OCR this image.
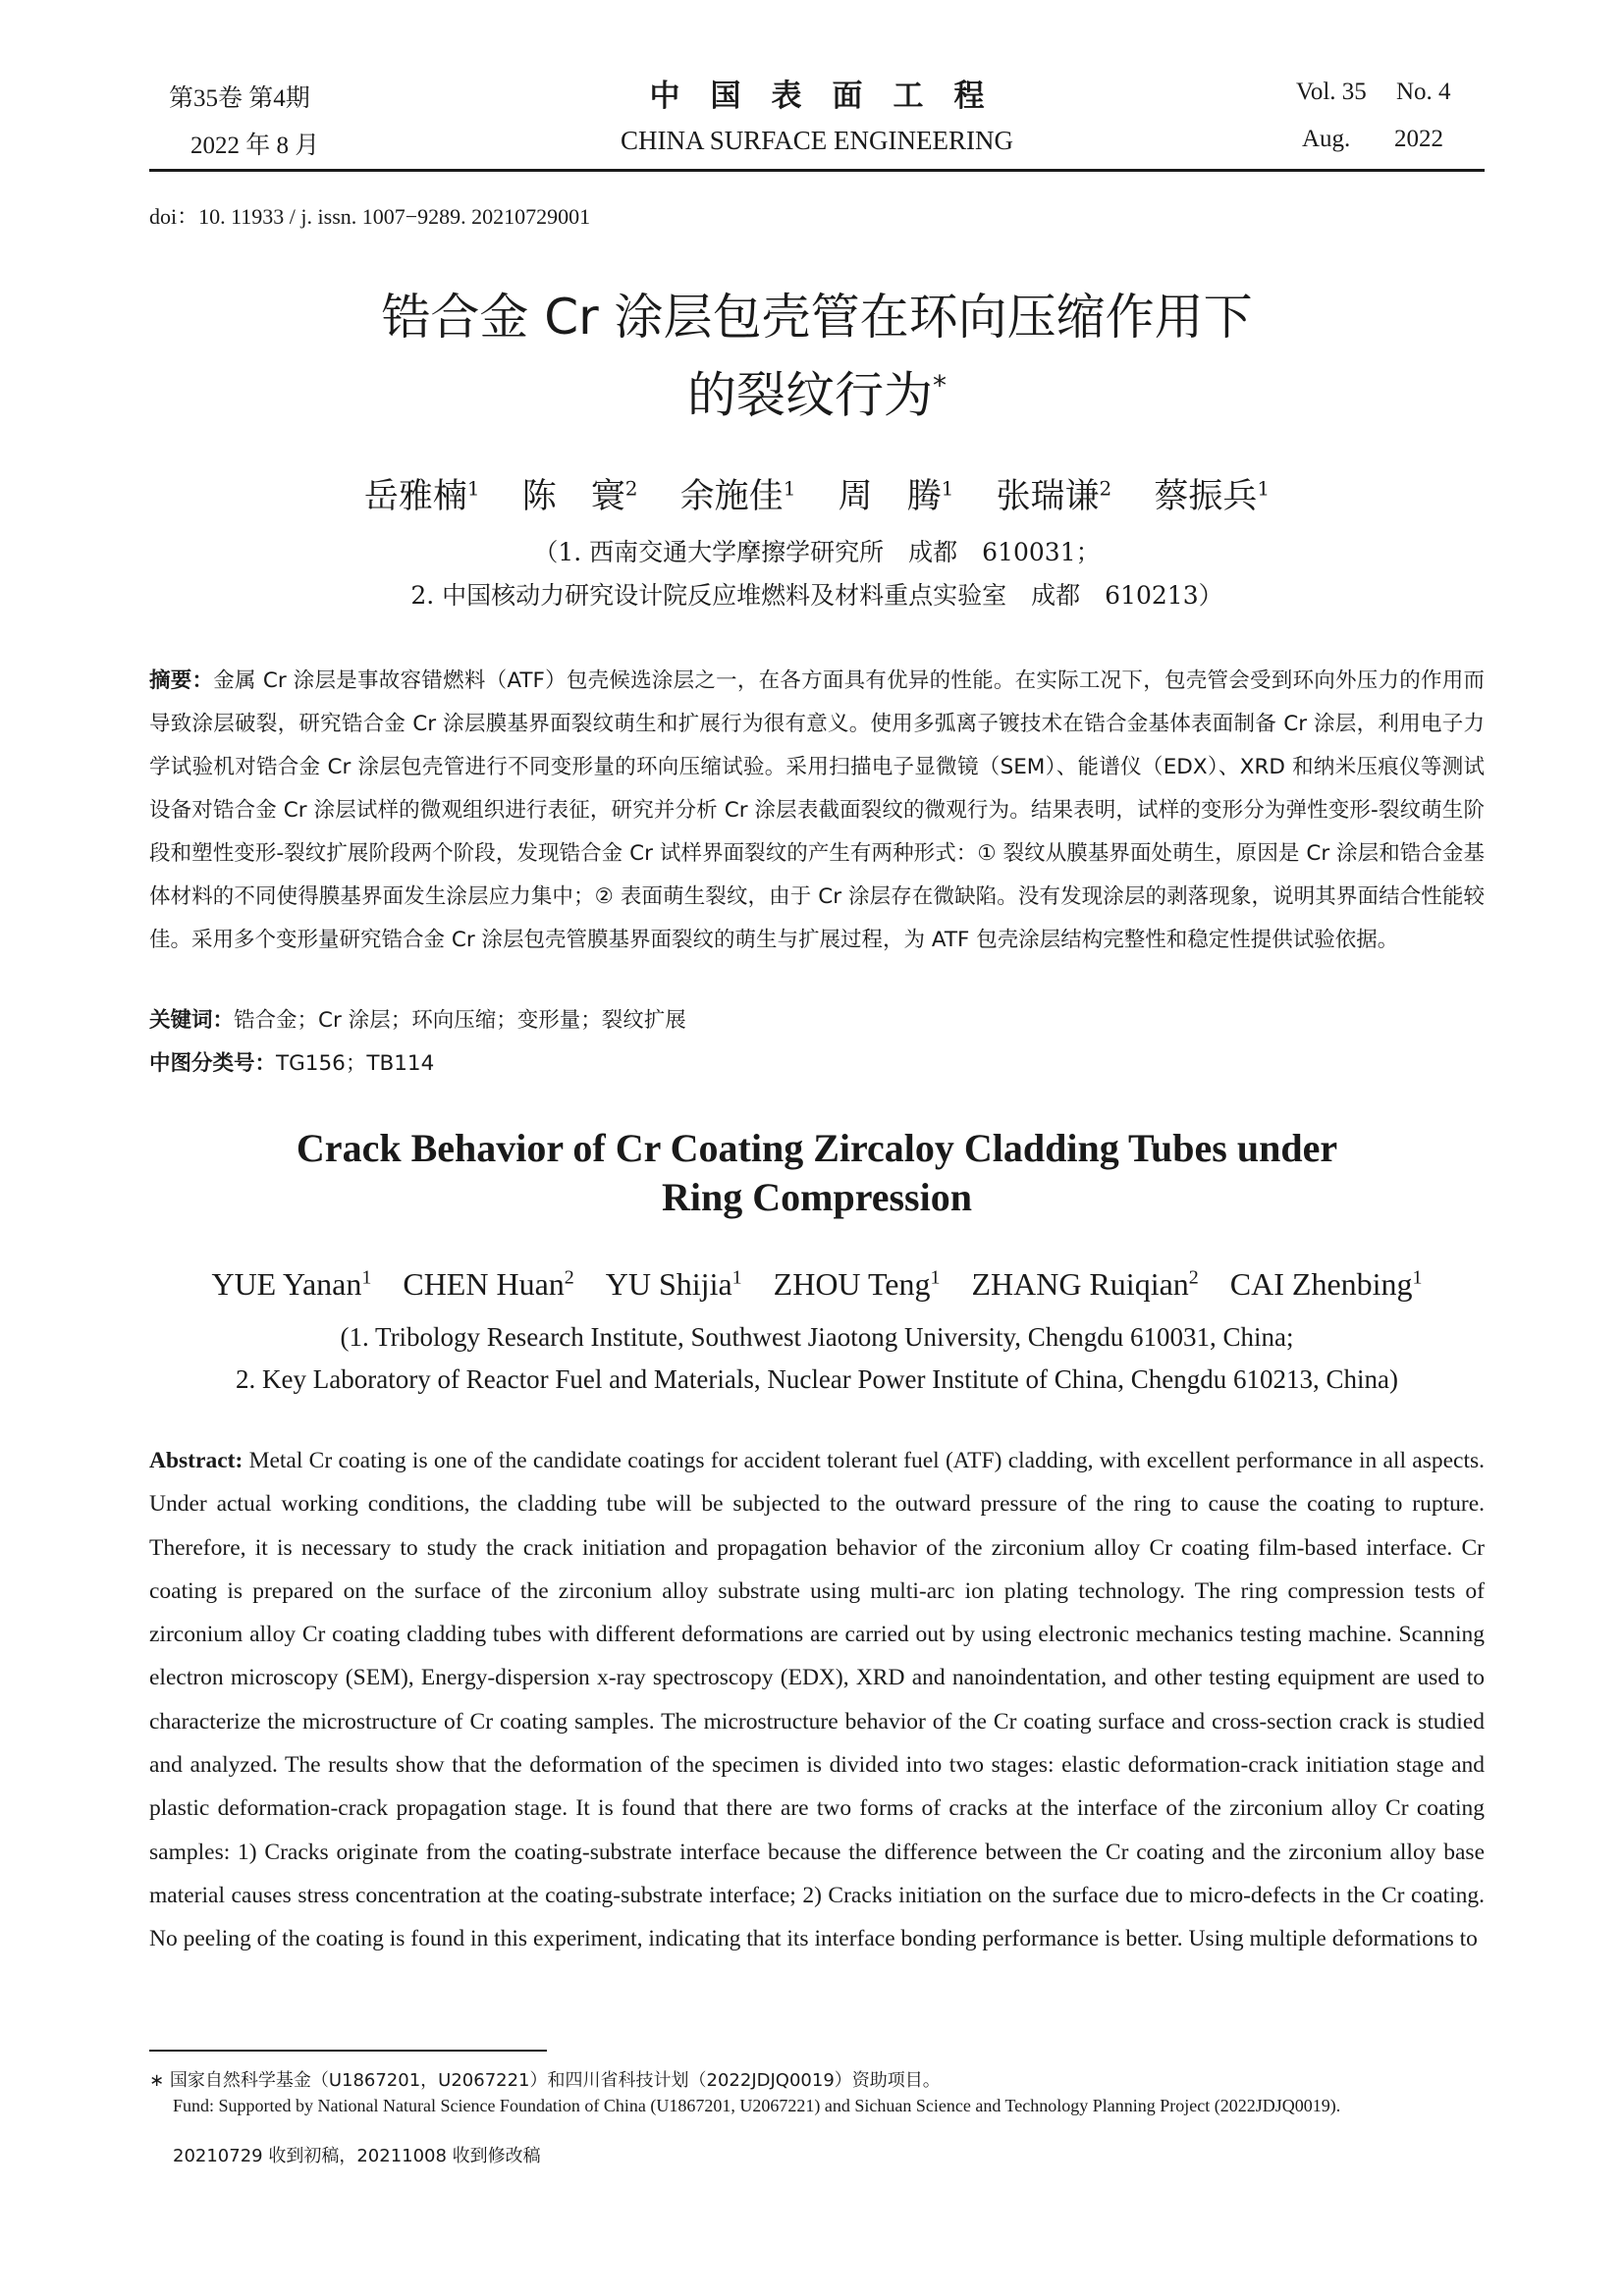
第35卷 第4期
2022 年 8 月
中　国　表　面　工　程
CHINA SURFACE ENGINEERING
Vol. 35 No. 4
Aug. 2022
doi：10. 11933 / j. issn. 1007−9289. 20210729001
锆合金 Cr 涂层包壳管在环向压缩作用下
的裂纹行为*
岳雅楠$^1$ 陈　寰$^2$ 余施佳$^1$ 周　腾$^1$ 张瑞谦$^2$ 蔡振兵$^1$
（1. 西南交通大学摩擦学研究所　成都　610031；
2. 中国核动力研究设计院反应堆燃料及材料重点实验室　成都　610213）
摘要：金属 Cr 涂层是事故容错燃料（ATF）包壳候选涂层之一，在各方面具有优异的性能。在实际工况下，包壳管会受到环向外压力的作用而导致涂层破裂，研究锆合金 Cr 涂层膜基界面裂纹萌生和扩展行为很有意义。使用多弧离子镀技术在锆合金基体表面制备 Cr 涂层，利用电子力学试验机对锆合金 Cr 涂层包壳管进行不同变形量的环向压缩试验。采用扫描电子显微镜（SEM）、能谱仪（EDX）、XRD 和纳米压痕仪等测试设备对锆合金 Cr 涂层试样的微观组织进行表征，研究并分析 Cr 涂层表截面裂纹的微观行为。结果表明，试样的变形分为弹性变形-裂纹萌生阶段和塑性变形-裂纹扩展阶段两个阶段，发现锆合金 Cr 试样界面裂纹的产生有两种形式：① 裂纹从膜基界面处萌生，原因是 Cr 涂层和锆合金基体材料的不同使得膜基界面发生涂层应力集中；② 表面萌生裂纹，由于 Cr 涂层存在微缺陷。没有发现涂层的剥落现象，说明其界面结合性能较佳。采用多个变形量研究锆合金 Cr 涂层包壳管膜基界面裂纹的萌生与扩展过程，为 ATF 包壳涂层结构完整性和稳定性提供试验依据。
关键词：锆合金；Cr 涂层；环向压缩；变形量；裂纹扩展
中图分类号：TG156；TB114
Crack Behavior of Cr Coating Zircaloy Cladding Tubes under
Ring Compression
YUE Yanan$^1$ CHEN Huan$^2$ YU Shijia$^1$ ZHOU Teng$^1$ ZHANG Ruiqian$^2$ CAI Zhenbing$^1$
(1. Tribology Research Institute, Southwest Jiaotong University, Chengdu 610031, China;
2. Key Laboratory of Reactor Fuel and Materials, Nuclear Power Institute of China, Chengdu 610213, China)
Abstract: Metal Cr coating is one of the candidate coatings for accident tolerant fuel (ATF) cladding, with excellent performance in all aspects. Under actual working conditions, the cladding tube will be subjected to the outward pressure of the ring to cause the coating to rupture. Therefore, it is necessary to study the crack initiation and propagation behavior of the zirconium alloy Cr coating film-based interface. Cr coating is prepared on the surface of the zirconium alloy substrate using multi-arc ion plating technology. The ring compression tests of zirconium alloy Cr coating cladding tubes with different deformations are carried out by using electronic mechanics testing machine. Scanning electron microscopy (SEM), Energy-dispersion x-ray spectroscopy (EDX), XRD and nanoindentation, and other testing equipment are used to characterize the microstructure of Cr coating samples. The microstructure behavior of the Cr coating surface and cross-section crack is studied and analyzed. The results show that the deformation of the specimen is divided into two stages: elastic deformation-crack initiation stage and plastic deformation-crack propagation stage. It is found that there are two forms of cracks at the interface of the zirconium alloy Cr coating samples: 1) Cracks originate from the coating-substrate interface because the difference between the Cr coating and the zirconium alloy base material causes stress concentration at the coating-substrate interface; 2) Cracks initiation on the surface due to micro-defects in the Cr coating. No peeling of the coating is found in this experiment, indicating that its interface bonding performance is better. Using multiple deformations to
∗ 国家自然科学基金（U1867201，U2067221）和四川省科技计划（2022JDJQ0019）资助项目。
Fund: Supported by National Natural Science Foundation of China (U1867201, U2067221) and Sichuan Science and Technology Planning Project (2022JDJQ0019).
20210729 收到初稿，20211008 收到修改稿
